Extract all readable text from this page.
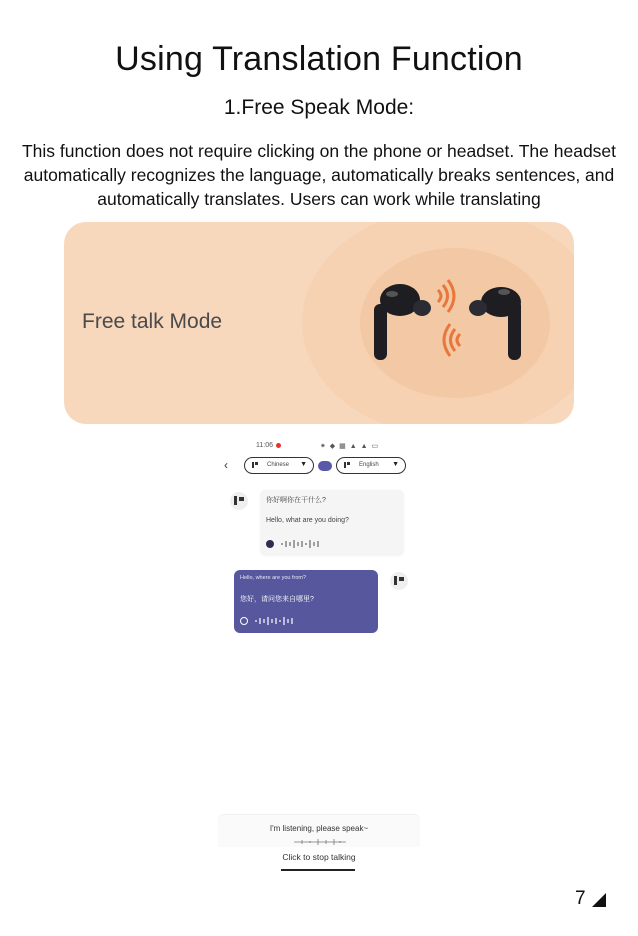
Using Translation Function
1.Free Speak Mode:
This function does not require clicking on the phone or headset. The headset automatically recognizes the language, automatically breaks sentences, and automatically translates. Users can work while translating
Free talk Mode
11:06	⁕ ◆ ▦ ▲ ▲ ▭
‹	Chinese ▼	English ▼
你好啊你在干什么?
Hello, what are you doing?
Hello, where are you from?
您好，请问您来自哪里?
I'm listening, please speak~
Click to stop talking
7
